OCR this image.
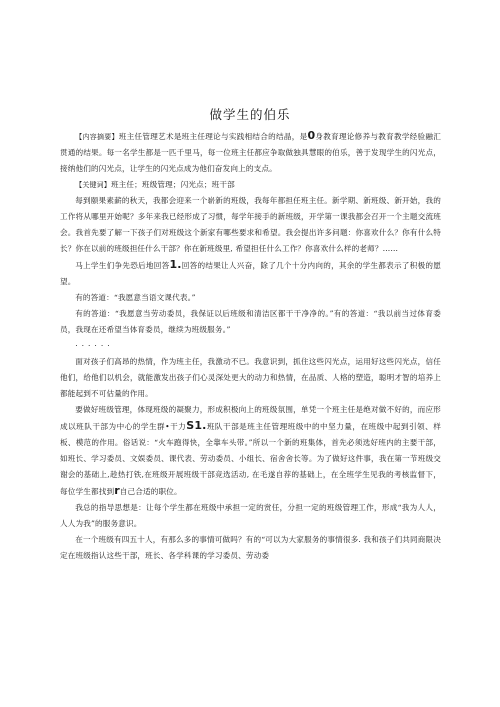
做学生的伯乐

【内容摘要】班主任管理艺术是班主任理论与实践相结合的结晶，是0身教育理论修养与教育教学经验融汇贯通的结果。每一名学生都是一匹千里马，每一位班主任都应争取做独具慧眼的伯乐，善于发现学生的闪光点，接纳他们的闪光点，让学生的闪光点成为他们奋发向上的支点。

【关键词】班主任；班级管理；闪光点；班干部

每到颐果素薪的秋天，我都会迎来一个崭新的班级，我每年都担任班主任。新学期、新班级、新开始，我的工作将从哪里开始呢？多年来我已经形成了习惯，每学年接手的新班级，开学第一课我都会召开一个主题交流班会。我首先要了解一下孩子们对班级这个新家有哪些要求和希望。我会提出许多问题：你喜欢什么？你有什么特长？你在以前的班级担任什么干部？你在新班级里, 希望担任什么工作？你喜欢什么样的老师？……

马上学生们争先恐后地回答1.回答的结果让人兴奋，除了几个十分内向的，其余的学生都表示了积极的愿望。

有的答道：“我愿意当语文课代表。”

有的答道：“我愿意当劳动委员，我保证以后班级和清洁区都干干净净的。”有的答道：“我以前当过体育委员，我现在还希望当体育委员，继续为班级服务。”

······

面对孩子们高昂的热情，作为班主任，我激动不已。我意识到，抓住这些闪光点，运用好这些闪光点，信任他们，给他们以机会，就能激发出孩子们心灵深处更大的动力和热情，在品质、人格的塑造，聪明才智的培养上都能起到不可估量的作用。

要做好班级管理，体现班级的凝聚力，形成积极向上的班级氛围，单凭一个班主任是绝对做不好的，而应形成以班队干部为中心的学生群•干力S1.班队干部是班主任管理班级中的中坚力量，在班级中起到引领、样板、模范的作用。俗话说：“火车跑得快，全靠车头带。”所以一个新的班集体，首先必须选好班内的主要干部，如班长、学习委员、文娱委员、课代表、劳动委员、小组长、宿舍舍长等。为了做好这件事，我在第一节班级交谢会的基础上,趁热打铁,在班级开展班级干部竞选活动, 在毛遂自荐的基础上，在全班学生见我的考核监督下，每位学生都找到r自己合适的职位。

我总的指导思想是：让每个学生都在班级中承担一定的赏任，分担一定的班级管理工作，形成“我为人人，人人为我”的服务意识。

在一个班级有四五十人，有那么多的事情可做吗？有的“可以为大家服务的事情很多. 我和孩子们共同商限决定在班级指认这些干部，班长、各学科课的学习委员、劳动委
